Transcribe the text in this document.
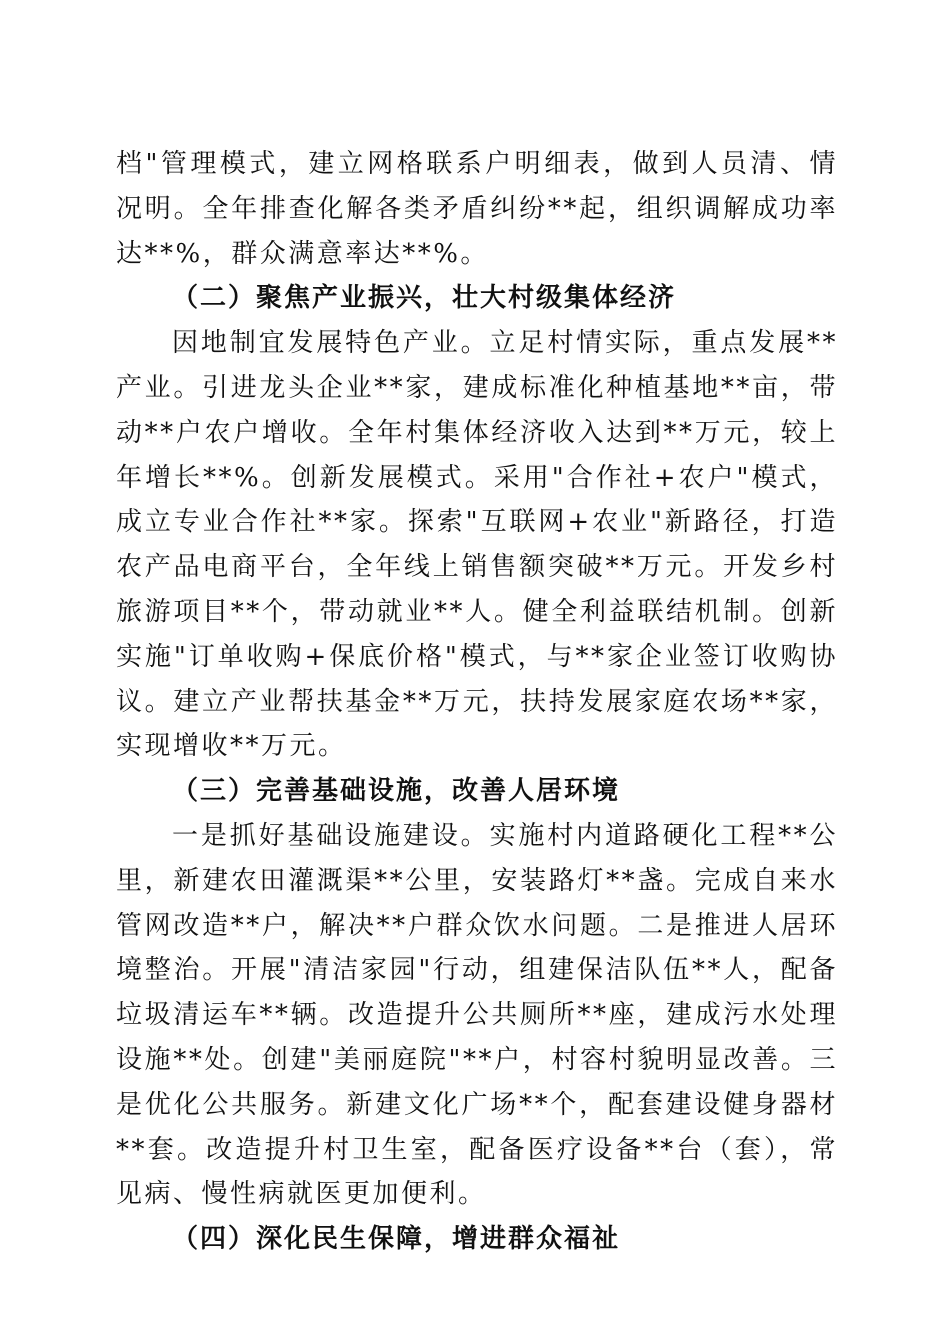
档"管理模式，建立网格联系户明细表，做到人员清、情况明。全年排查化解各类矛盾纠纷**起，组织调解成功率达**%，群众满意率达**%。

（二）聚焦产业振兴，壮大村级集体经济

因地制宜发展特色产业。立足村情实际，重点发展**产业。引进龙头企业**家，建成标准化种植基地**亩，带动**户农户增收。全年村集体经济收入达到**万元，较上年增长**%。创新发展模式。采用"合作社+农户"模式，成立专业合作社**家。探索"互联网+农业"新路径，打造农产品电商平台，全年线上销售额突破**万元。开发乡村旅游项目**个，带动就业**人。健全利益联结机制。创新实施"订单收购+保底价格"模式，与**家企业签订收购协议。建立产业帮扶基金**万元，扶持发展家庭农场**家，实现增收**万元。

（三）完善基础设施，改善人居环境

一是抓好基础设施建设。实施村内道路硬化工程**公里，新建农田灌溉渠**公里，安装路灯**盏。完成自来水管网改造**户，解决**户群众饮水问题。二是推进人居环境整治。开展"清洁家园"行动，组建保洁队伍**人，配备垃圾清运车**辆。改造提升公共厕所**座，建成污水处理设施**处。创建"美丽庭院"**户，村容村貌明显改善。三是优化公共服务。新建文化广场**个，配套建设健身器材**套。改造提升村卫生室，配备医疗设备**台（套），常见病、慢性病就医更加便利。

（四）深化民生保障，增进群众福祉
